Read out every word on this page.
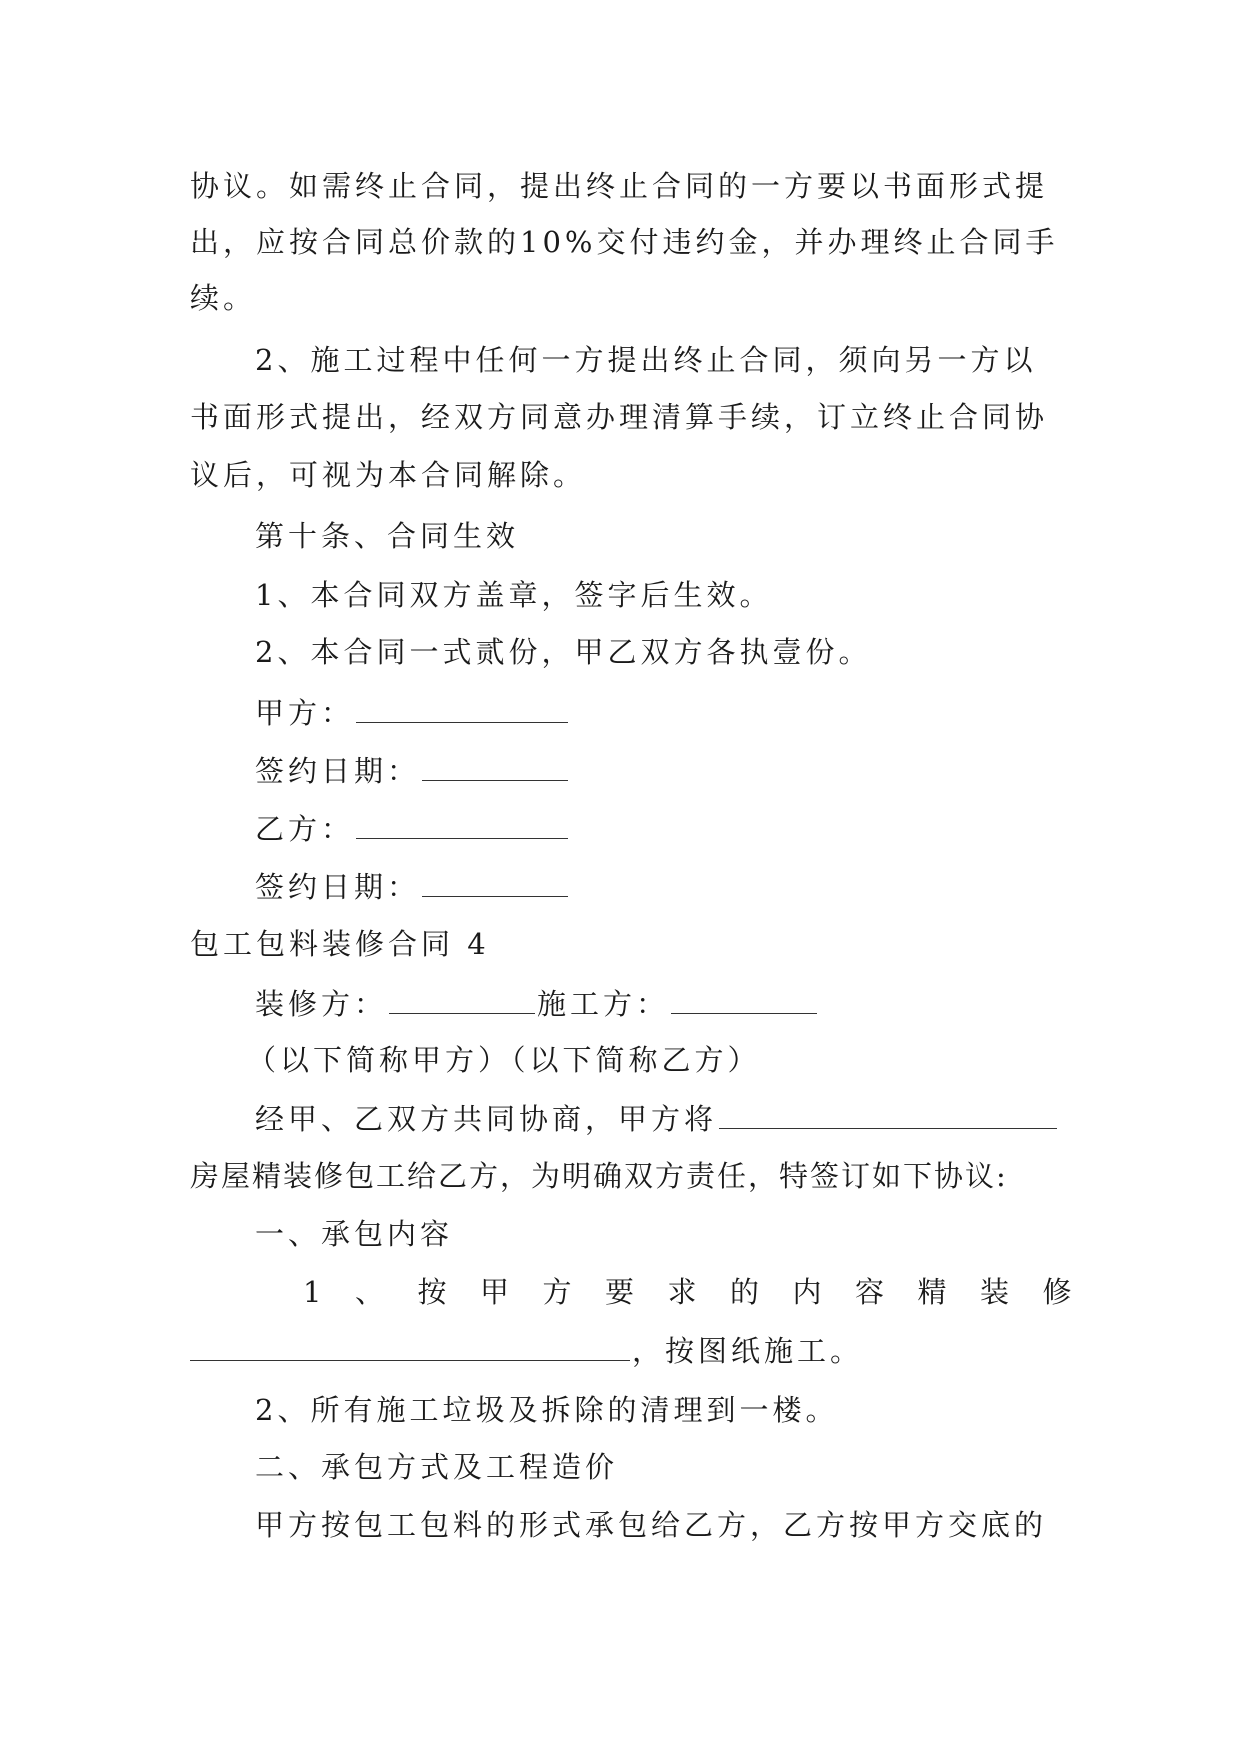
协议。如需终止合同，提出终止合同的一方要以书面形式提
出，应按合同总价款的10%交付违约金，并办理终止合同手
续。
2、施工过程中任何一方提出终止合同，须向另一方以
书面形式提出，经双方同意办理清算手续，订立终止合同协
议后，可视为本合同解除。
第十条、合同生效
1、本合同双方盖章，签字后生效。
2、本合同一式贰份，甲乙双方各执壹份。
甲方：
签约日期：
乙方：
签约日期：
包工包料装修合同 4
装修方：	施工方：
（以下简称甲方）（以下简称乙方）
经甲、乙双方共同协商，甲方将
房屋精装修包工给乙方，为明确双方责任，特签订如下协议:
一、承包内容
1、按甲方要求的内容精装修
，按图纸施工。
2、所有施工垃圾及拆除的清理到一楼。
二、承包方式及工程造价
甲方按包工包料的形式承包给乙方，乙方按甲方交底的
